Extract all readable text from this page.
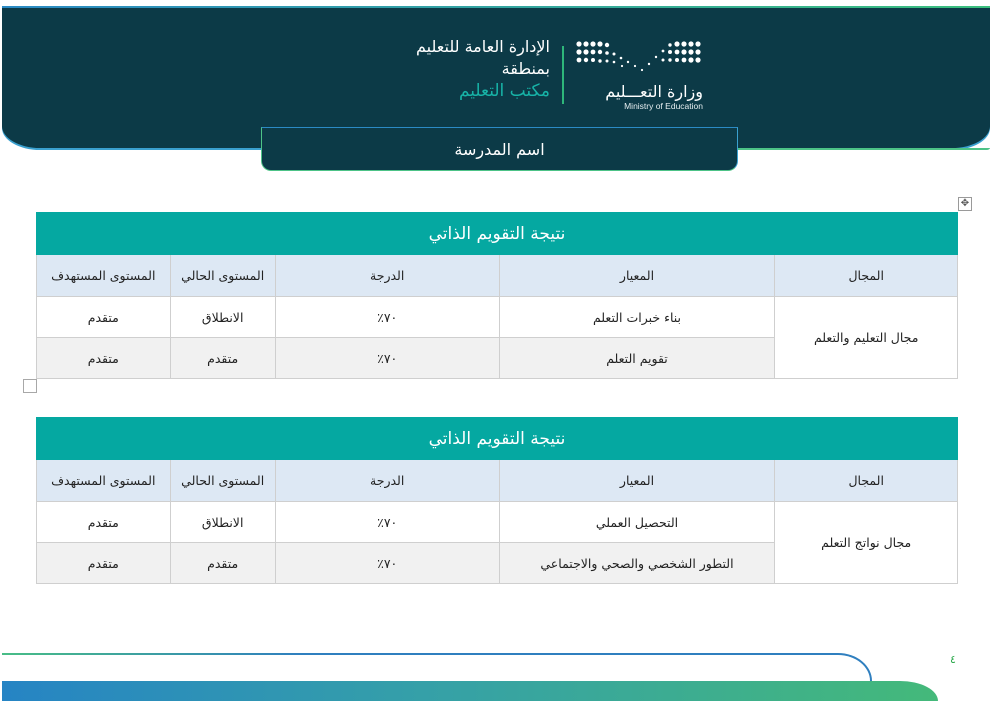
وزارة التعـــليم
Ministry of Education
الإدارة العامة للتعليم
بمنطقة
مكتب التعليم
اسم المدرسة
✥
نتيجة التقويم الذاتي				
المجال	المعيار	الدرجة	المستوى الحالي	المستوى المستهدف
مجال التعليم والتعلم	بناء خبرات التعلم	٧٠٪	الانطلاق	متقدم
	تقويم التعلم	٧٠٪	متقدم	متقدم
نتيجة التقويم الذاتي				
المجال	المعيار	الدرجة	المستوى الحالي	المستوى المستهدف
مجال نواتج التعلم	التحصيل العملي	٧٠٪	الانطلاق	متقدم
	التطور الشخصي والصحي والاجتماعي	٧٠٪	متقدم	متقدم
٤
